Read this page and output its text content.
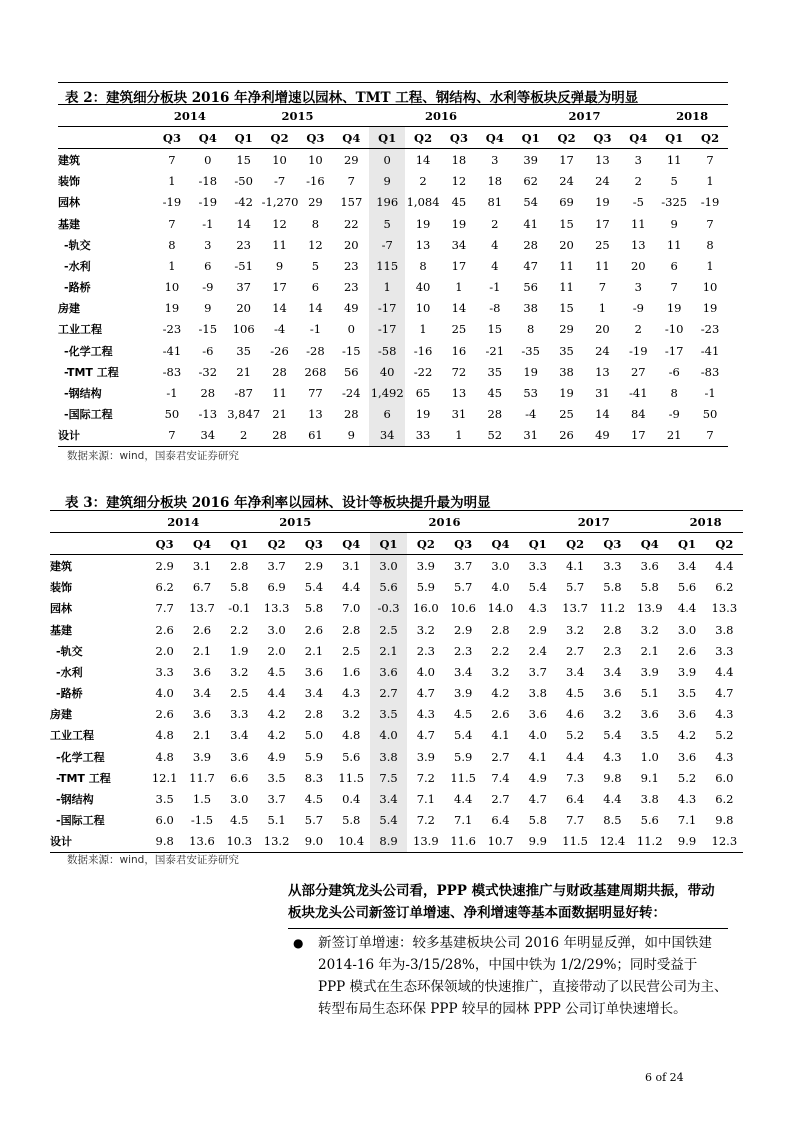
表 2：建筑细分板块 2016 年净利增速以园林、TMT 工程、钢结构、水利等板块反弹最为明显
	2014		2015				2016				2017				2018	
	Q3	Q4	Q1	Q2	Q3	Q4	Q1	Q2	Q3	Q4	Q1	Q2	Q3	Q4	Q1	Q2
建筑	7	0	15	10	10	29	0	14	18	3	39	17	13	3	11	7
装饰	1	-18	-50	-7	-16	7	9	2	12	18	62	24	24	2	5	1
园林	-19	-19	-42	-1,270	29	157	196	1,084	45	81	54	69	19	-5	-325	-19
基建	7	-1	14	12	8	22	5	19	19	2	41	15	17	11	9	7
-轨交	8	3	23	11	12	20	-7	13	34	4	28	20	25	13	11	8
-水利	1	6	-51	9	5	23	115	8	17	4	47	11	11	20	6	1
-路桥	10	-9	37	17	6	23	1	40	1	-1	56	11	7	3	7	10
房建	19	9	20	14	14	49	-17	10	14	-8	38	15	1	-9	19	19
工业工程	-23	-15	106	-4	-1	0	-17	1	25	15	8	29	20	2	-10	-23
-化学工程	-41	-6	35	-26	-28	-15	-58	-16	16	-21	-35	35	24	-19	-17	-41
-TMT 工程	-83	-32	21	28	268	56	40	-22	72	35	19	38	13	27	-6	-83
-钢结构	-1	28	-87	11	77	-24	1,492	65	13	45	53	19	31	-41	8	-1
-国际工程	50	-13	3,847	21	13	28	6	19	31	28	-4	25	14	84	-9	50
设计	7	34	2	28	61	9	34	33	1	52	31	26	49	17	21	7
数据来源：wind，国泰君安证券研究
表 3：建筑细分板块 2016 年净利率以园林、设计等板块提升最为明显
	2014		2015				2016				2017				2018	
	Q3	Q4	Q1	Q2	Q3	Q4	Q1	Q2	Q3	Q4	Q1	Q2	Q3	Q4	Q1	Q2
建筑	2.9	3.1	2.8	3.7	2.9	3.1	3.0	3.9	3.7	3.0	3.3	4.1	3.3	3.6	3.4	4.4
装饰	6.2	6.7	5.8	6.9	5.4	4.4	5.6	5.9	5.7	4.0	5.4	5.7	5.8	5.8	5.6	6.2
园林	7.7	13.7	-0.1	13.3	5.8	7.0	-0.3	16.0	10.6	14.0	4.3	13.7	11.2	13.9	4.4	13.3
基建	2.6	2.6	2.2	3.0	2.6	2.8	2.5	3.2	2.9	2.8	2.9	3.2	2.8	3.2	3.0	3.8
-轨交	2.0	2.1	1.9	2.0	2.1	2.5	2.1	2.3	2.3	2.2	2.4	2.7	2.3	2.1	2.6	3.3
-水利	3.3	3.6	3.2	4.5	3.6	1.6	3.6	4.0	3.4	3.2	3.7	3.4	3.4	3.9	3.9	4.4
-路桥	4.0	3.4	2.5	4.4	3.4	4.3	2.7	4.7	3.9	4.2	3.8	4.5	3.6	5.1	3.5	4.7
房建	2.6	3.6	3.3	4.2	2.8	3.2	3.5	4.3	4.5	2.6	3.6	4.6	3.2	3.6	3.6	4.3
工业工程	4.8	2.1	3.4	4.2	5.0	4.8	4.0	4.7	5.4	4.1	4.0	5.2	5.4	3.5	4.2	5.2
-化学工程	4.8	3.9	3.6	4.9	5.9	5.6	3.8	3.9	5.9	2.7	4.1	4.4	4.3	1.0	3.6	4.3
-TMT 工程	12.1	11.7	6.6	3.5	8.3	11.5	7.5	7.2	11.5	7.4	4.9	7.3	9.8	9.1	5.2	6.0
-钢结构	3.5	1.5	3.0	3.7	4.5	0.4	3.4	7.1	4.4	2.7	4.7	6.4	4.4	3.8	4.3	6.2
-国际工程	6.0	-1.5	4.5	5.1	5.7	5.8	5.4	7.2	7.1	6.4	5.8	7.7	8.5	5.6	7.1	9.8
设计	9.8	13.6	10.3	13.2	9.0	10.4	8.9	13.9	11.6	10.7	9.9	11.5	12.4	11.2	9.9	12.3
数据来源：wind，国泰君安证券研究
从部分建筑龙头公司看，PPP 模式快速推广与财政基建周期共振，带动板块龙头公司新签订单增速、净利增速等基本面数据明显好转：
● 新签订单增速：较多基建板块公司 2016 年明显反弹，如中国铁建 2014-16 年为-3/15/28%，中国中铁为 1/2/29%；同时受益于 PPP 模式在生态环保领域的快速推广，直接带动了以民营公司为主、转型布局生态环保 PPP 较早的园林 PPP 公司订单快速增长。
6 of 24
